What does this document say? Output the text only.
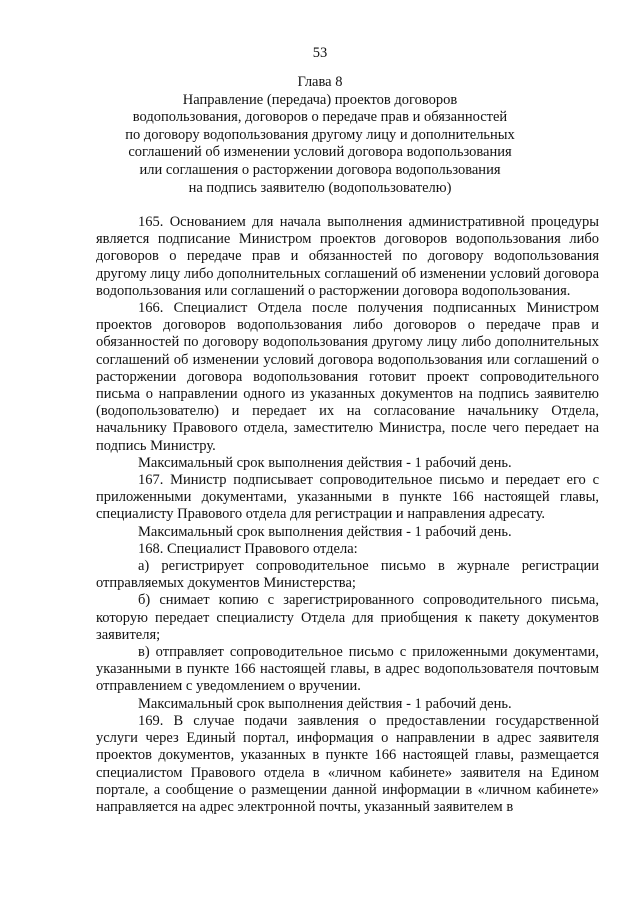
53
Глава 8
Направление (передача) проектов договоров
водопользования, договоров о передаче прав и обязанностей
по договору водопользования другому лицу и дополнительных
соглашений об изменении условий договора водопользования
или соглашения о расторжении договора водопользования
на подпись заявителю (водопользователю)

165. Основанием для начала выполнения административной процедуры является подписание Министром проектов договоров водопользования либо договоров о передаче прав и обязанностей по договору водопользования другому лицу либо дополнительных соглашений об изменении условий договора водопользования или соглашений о расторжении договора водопользования.

166. Специалист Отдела после получения подписанных Министром проектов договоров водопользования либо договоров о передаче прав и обязанностей по договору водопользования другому лицу либо дополнительных соглашений об изменении условий договора водопользования или соглашений о расторжении договора водопользования готовит проект сопроводительного письма о направлении одного из указанных документов на подпись заявителю (водопользователю) и передает их на согласование начальнику Отдела, начальнику Правового отдела, заместителю Министра, после чего передает на подпись Министру.

Максимальный срок выполнения действия - 1 рабочий день.

167. Министр подписывает сопроводительное письмо и передает его с приложенными документами, указанными в пункте 166 настоящей главы, специалисту Правового отдела для регистрации и направления адресату.

Максимальный срок выполнения действия - 1 рабочий день.

168. Специалист Правового отдела:

а) регистрирует сопроводительное письмо в журнале регистрации отправляемых документов Министерства;

б) снимает копию с зарегистрированного сопроводительного письма, которую передает специалисту Отдела для приобщения к пакету документов заявителя;

в) отправляет сопроводительное письмо с приложенными документами, указанными в пункте 166 настоящей главы, в адрес водопользователя почтовым отправлением с уведомлением о вручении.

Максимальный срок выполнения действия - 1 рабочий день.

169. В случае подачи заявления о предоставлении государственной услуги через Единый портал, информация о направлении в адрес заявителя проектов документов, указанных в пункте 166 настоящей главы, размещается специалистом Правового отдела в «личном кабинете» заявителя на Едином портале, а сообщение о размещении данной информации в «личном кабинете» направляется на адрес электронной почты, указанный заявителем в
